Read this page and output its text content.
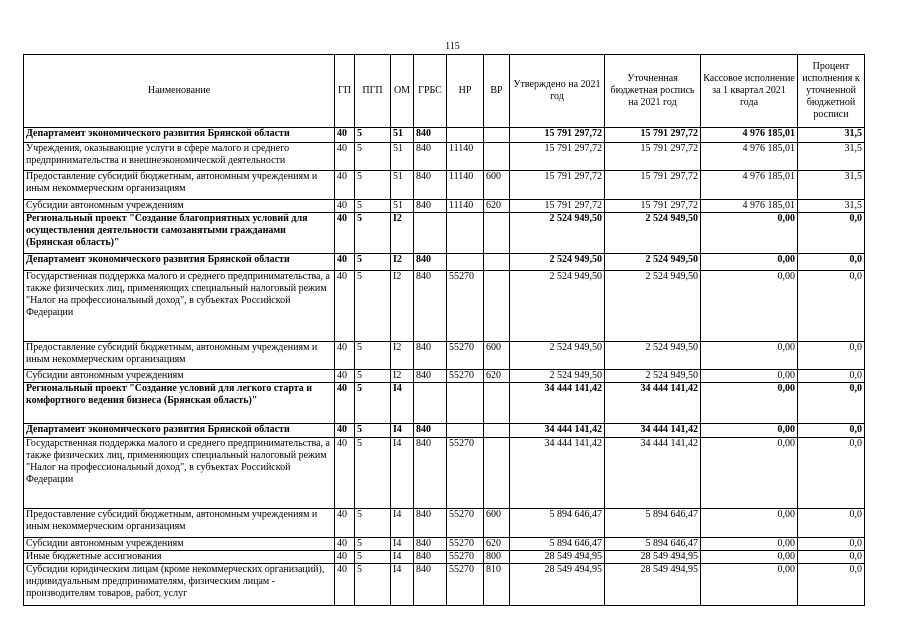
115
Наименование	ГП	ПГП	ОМ	ГРБС	НР	ВР	Утверждено на 2021 год	Уточненная бюджетная роспись на 2021 год	Кассовое исполнение за 1 квартал 2021 года	Процент исполнения к уточненной бюджетной росписи
Департамент экономического развития Брянской области	40	5	51	840			15 791 297,72	15 791 297,72	4 976 185,01	31,5
Учреждения, оказывающие услуги в сфере малого и среднего предпринимательства и внешнеэкономической деятельности	40	5	51	840	11140		15 791 297,72	15 791 297,72	4 976 185,01	31,5
Предоставление субсидий бюджетным, автономным учреждениям и иным некоммерческим организациям	40	5	51	840	11140	600	15 791 297,72	15 791 297,72	4 976 185,01	31,5
Субсидии автономным учреждениям	40	5	51	840	11140	620	15 791 297,72	15 791 297,72	4 976 185,01	31,5
Региональный проект "Создание благоприятных условий для осуществления деятельности самозанятыми гражданами (Брянская область)"	40	5	I2				2 524 949,50	2 524 949,50	0,00	0,0
Департамент экономического развития Брянской области	40	5	I2	840			2 524 949,50	2 524 949,50	0,00	0,0
Государственная поддержка малого и среднего предпринимательства, а также физических лиц, применяющих специальный налоговый режим "Налог на профессиональный доход", в субъектах Российской Федерации	40	5	I2	840	55270		2 524 949,50	2 524 949,50	0,00	0,0
Предоставление субсидий бюджетным, автономным учреждениям и иным некоммерческим организациям	40	5	I2	840	55270	600	2 524 949,50	2 524 949,50	0,00	0,0
Субсидии автономным учреждениям	40	5	I2	840	55270	620	2 524 949,50	2 524 949,50	0,00	0,0
Региональный проект "Создание условий для легкого старта и комфортного ведения бизнеса (Брянская область)"	40	5	I4				34 444 141,42	34 444 141,42	0,00	0,0
Департамент экономического развития Брянской области	40	5	I4	840			34 444 141,42	34 444 141,42	0,00	0,0
Государственная поддержка малого и среднего предпринимательства, а также физических лиц, применяющих специальный налоговый режим "Налог на профессиональный доход", в субъектах Российской Федерации	40	5	I4	840	55270		34 444 141,42	34 444 141,42	0,00	0,0
Предоставление субсидий бюджетным, автономным учреждениям и иным некоммерческим организациям	40	5	I4	840	55270	600	5 894 646,47	5 894 646,47	0,00	0,0
Субсидии автономным учреждениям	40	5	I4	840	55270	620	5 894 646,47	5 894 646,47	0,00	0,0
Иные бюджетные ассигнования	40	5	I4	840	55270	800	28 549 494,95	28 549 494,95	0,00	0,0
Субсидии юридическим лицам (кроме некоммерческих организаций), индивидуальным предпринимателям, физическим лицам - производителям товаров, работ, услуг	40	5	I4	840	55270	810	28 549 494,95	28 549 494,95	0,00	0,0
